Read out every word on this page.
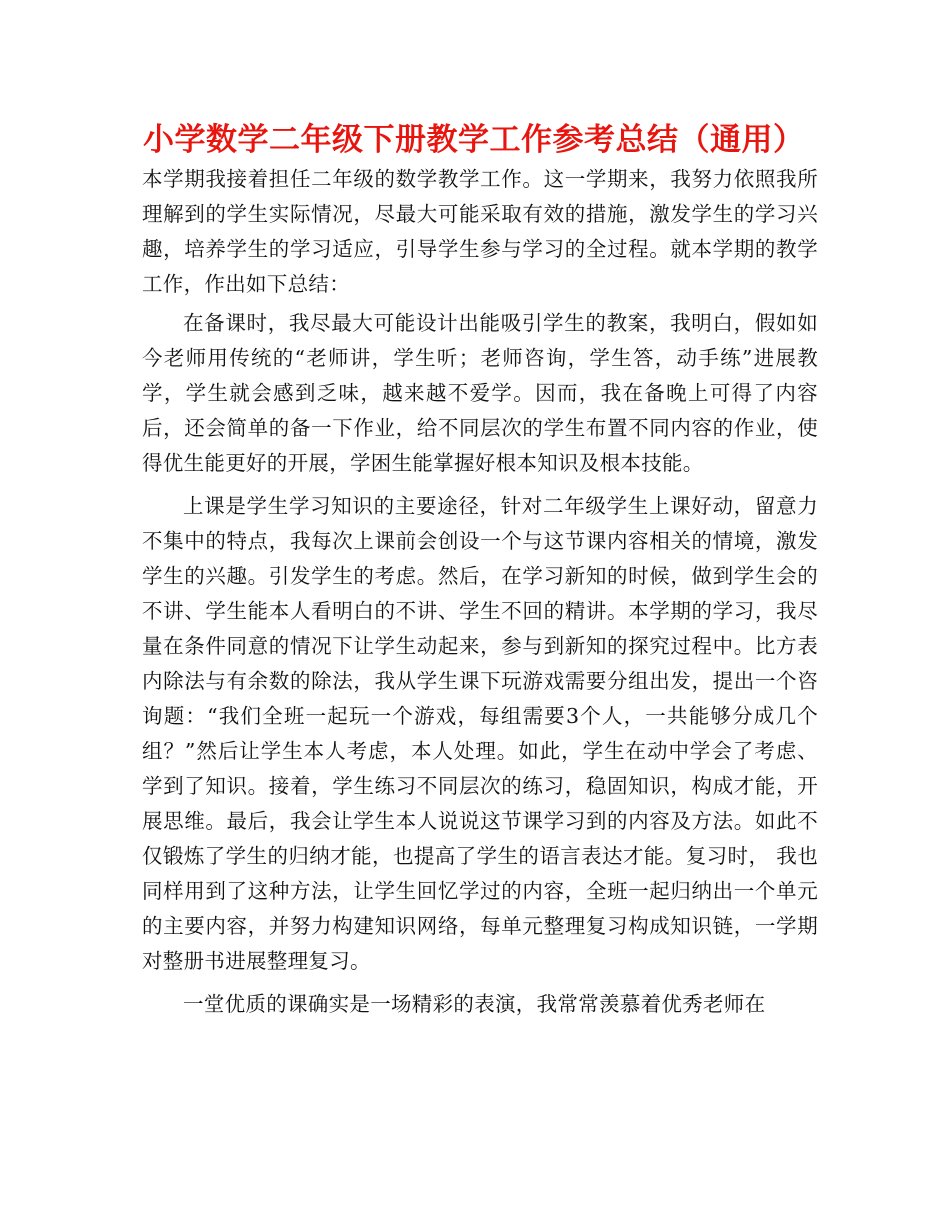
小学数学二年级下册教学工作参考总结（通用）

本学期我接着担任二年级的数学教学工作。这一学期来，我努力依照我所理解到的学生实际情况，尽最大可能采取有效的措施，激发学生的学习兴趣，培养学生的学习适应，引导学生参与学习的全过程。就本学期的教学工作，作出如下总结：

在备课时，我尽最大可能设计出能吸引学生的教案，我明白，假如如今老师用传统的“老师讲，学生听；老师咨询，学生答，动手练”进展教学，学生就会感到乏味，越来越不爱学。因而，我在备晚上可得了内容后，还会简单的备一下作业，给不同层次的学生布置不同内容的作业，使得优生能更好的开展，学困生能掌握好根本知识及根本技能。

上课是学生学习知识的主要途径，针对二年级学生上课好动，留意力不集中的特点，我每次上课前会创设一个与这节课内容相关的情境，激发学生的兴趣。引发学生的考虑。然后，在学习新知的时候，做到学生会的不讲、学生能本人看明白的不讲、学生不回的精讲。本学期的学习，我尽量在条件同意的情况下让学生动起来，参与到新知的探究过程中。比方表内除法与有余数的除法，我从学生课下玩游戏需要分组出发，提出一个咨询题：“我们全班一起玩一个游戏，每组需要3个人，一共能够分成几个组？”然后让学生本人考虑，本人处理。如此，学生在动中学会了考虑、学到了知识。接着，学生练习不同层次的练习，稳固知识，构成才能，开展思维。最后，我会让学生本人说说这节课学习到的内容及方法。如此不仅锻炼了学生的归纳才能，也提高了学生的语言表达才能。复习时， 我也同样用到了这种方法，让学生回忆学过的内容，全班一起归纳出一个单元的主要内容，并努力构建知识网络，每单元整理复习构成知识链，一学期对整册书进展整理复习。

一堂优质的课确实是一场精彩的表演，我常常羡慕着优秀老师在
